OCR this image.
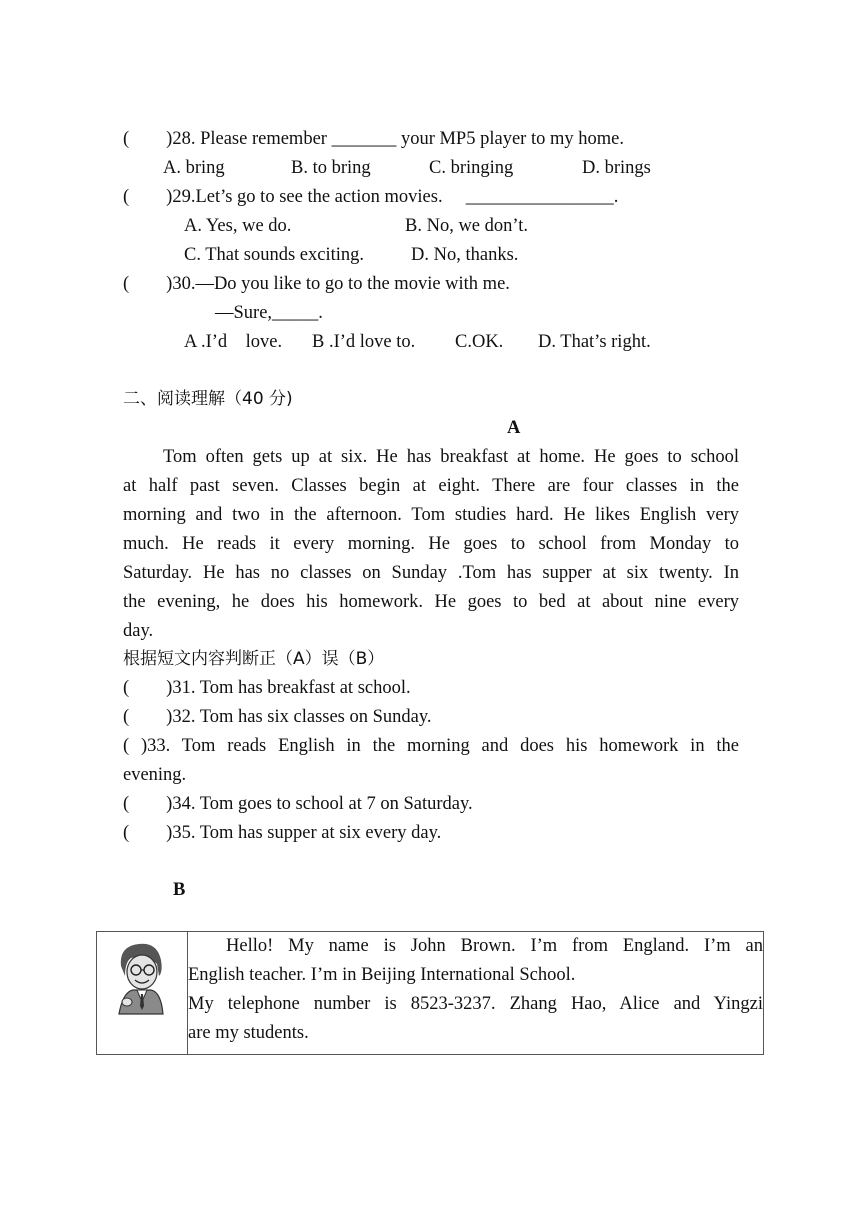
(        )28. Please remember _______ your MP5 player to my home.
A. bring	B. to bring	C. bringing	D. brings
(        )29.Let’s go to see the action movies.     ________________.
A. Yes, we do.	B. No, we don’t.
C. That sounds exciting.	D. No, thanks.
(        )30.—Do you like to go to the movie with me.
—Sure,_____.
A .I’d    love. B .I’d love to. C.OK. D. That’s right.
二、阅读理解（40 分)
A
Tom often gets up at six. He has breakfast at home. He goes to school
at half past seven. Classes begin at eight. There are four classes in the
morning and two in the afternoon. Tom studies hard. He likes English very
much. He reads it every morning. He goes to school from Monday to
Saturday. He has no classes on Sunday .Tom has supper at six twenty. In
the evening, he does his homework. He goes to bed at about nine every
day.
根据短文内容判断正（A）误（B）
(        )31. Tom has breakfast at school.
(        )32. Tom has six classes on Sunday.
( )33. Tom reads English in the morning and does his homework in the
evening.
(        )34. Tom goes to school at 7 on Saturday.
(        )35. Tom has supper at six every day.
B

Hello! My name is John Brown. I’m from England. I’m an
English teacher. I’m in Beijing International School.
My telephone number is 8523-3237. Zhang Hao, Alice and Yingzi
are my students.
